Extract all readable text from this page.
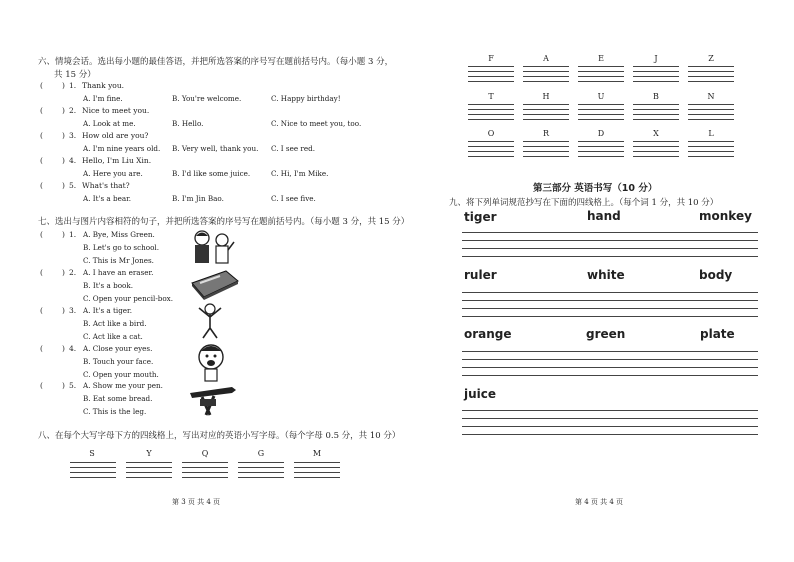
六、情境会话。选出每小题的最佳答语，并把所选答案的序号写在题前括号内。（每小题 3 分，
共 15 分）
(	) 1. Thank you.
A. I'm fine.	B. You're welcome.	C. Happy birthday!
(	) 2. Nice to meet you.
A. Look at me.	B. Hello.	C. Nice to meet you, too.
(	) 3. How old are you?
A. I'm nine years old. B. Very well, thank you. C. I see red.
(	) 4. Hello, I'm Liu Xin.
A. Here you are.	B. I'd like some juice.	C. Hi, I'm Mike.
(	) 5. What's that?
A. It's a bear.	B. I'm Jin Bao.	C. I see five.
七、选出与图片内容相符的句子，并把所选答案的序号写在题前括号内。（每小题 3 分，共 15 分）
(	) 1. A. Bye, Miss Green.
B. Let's go to school.
C. This is Mr Jones.
(	) 2. A. I have an eraser.
B. It's a book.
C. Open your pencil-box.
(	) 3. A. It's a tiger.
B. Act like a bird.
C. Act like a cat.
(	) 4. A. Close your eyes.
B. Touch your face.
C. Open your mouth.
(	) 5. A. Show me your pen.
B. Eat some bread.
C. This is the leg.
八、在每个大写字母下方的四线格上，写出对应的英语小写字母。（每个字母 0.5 分，共 10 分）
S	Y	Q	G	M
第 3 页 共 4 页
F	A	E	J	Z
T	H	U	B	N
O	R	D	X	L
第三部分 英语书写（10 分）
九、将下列单词规范抄写在下面的四线格上。（每个词 1 分，共 10 分）
tiger	hand	monkey
ruler	white	body
orange	green	plate
juice
第 4 页 共 4 页
